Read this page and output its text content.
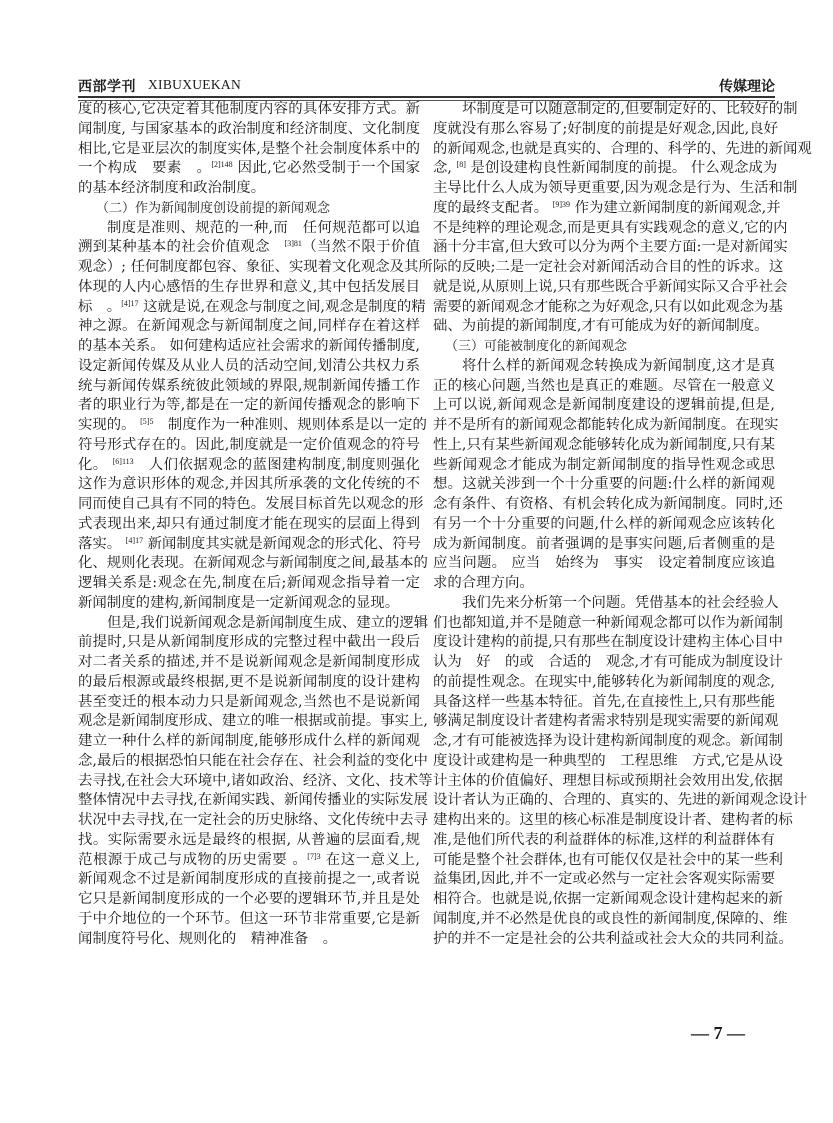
西部学刊 XIBUXUEKAN	传媒理论
度的核心,它决定着其他制度内容的具体安排方式。新
闻制度, 与国家基本的政治制度和经济制度、文化制度
相比,它是亚层次的制度实体,是整个社会制度体系中的
一个构成　要素　。$^{[2]148}$ 因此,它必然受制于一个国家
的基本经济制度和政治制度。
（二）作为新闻制度创设前提的新闻观念
制度是准则、规范的一种,而　任何规范都可以追
溯到某种基本的社会价值观念　$^{[3]81}$（当然不限于价值
观念）; 任何制度都包容、象征、实现着文化观念及其所
体现的人内心感悟的生存世界和意义,其中包括发展目
标　。$^{[4]17}$ 这就是说,在观念与制度之间,观念是制度的精
神之源。在新闻观念与新闻制度之间,同样存在着这样
的基本关系。 如何建构适应社会需求的新闻传播制度,
设定新闻传媒及从业人员的活动空间,划清公共权力系
统与新闻传媒系统彼此领域的界限,规制新闻传播工作
者的职业行为等,都是在一定的新闻传播观念的影响下
实现的。 $^{[5]5}$　制度作为一种准则、规则体系是以一定的
符号形式存在的。因此,制度就是一定价值观念的符号
化。 $^{[6]113}$　人们依据观念的蓝图建构制度,制度则强化
这作为意识形体的观念,并因其所承袭的文化传统的不
同而使自己具有不同的特色。发展目标首先以观念的形
式表现出来,却只有通过制度才能在现实的层面上得到
落实。 $^{[4]17}$ 新闻制度其实就是新闻观念的形式化、符号
化、规则化表现。在新闻观念与新闻制度之间,最基本的
逻辑关系是:观念在先,制度在后;新闻观念指导着一定
新闻制度的建构,新闻制度是一定新闻观念的显现。
但是,我们说新闻观念是新闻制度生成、建立的逻辑
前提时,只是从新闻制度形成的完整过程中截出一段后
对二者关系的描述,并不是说新闻观念是新闻制度形成
的最后根源或最终根据,更不是说新闻制度的设计建构
甚至变迁的根本动力只是新闻观念,当然也不是说新闻
观念是新闻制度形成、建立的唯一根据或前提。事实上,
建立一种什么样的新闻制度,能够形成什么样的新闻观
念,最后的根据恐怕只能在社会存在、社会利益的变化中
去寻找,在社会大环境中,诸如政治、经济、文化、技术等
整体情况中去寻找,在新闻实践、新闻传播业的实际发展
状况中去寻找,在一定社会的历史脉络、文化传统中去寻
找。实际需要永远是最终的根据, 从普遍的层面看,规
范根源于成己与成物的历史需要 。$^{[7]3}$ 在这一意义上,
新闻观念不过是新闻制度形成的直接前提之一,或者说
它只是新闻制度形成的一个必要的逻辑环节,并且是处
于中介地位的一个环节。但这一环节非常重要,它是新
闻制度符号化、规则化的　精神准备　。
坏制度是可以随意制定的,但要制定好的、比较好的制
度就没有那么容易了;好制度的前提是好观念,因此,良好
的新闻观念,也就是真实的、合理的、科学的、先进的新闻观
念, [8] 是创设建构良性新闻制度的前提。 什么观念成为
主导比什么人成为领导更重要,因为观念是行为、生活和制
度的最终支配者。 $^{[9]39}$ 作为建立新闻制度的新闻观念,并
不是纯粹的理论观念,而是更具有实践观念的意义,它的内
涵十分丰富,但大致可以分为两个主要方面:一是对新闻实
际的反映;二是一定社会对新闻活动合目的性的诉求。这
就是说,从原则上说,只有那些既合乎新闻实际又合乎社会
需要的新闻观念才能称之为好观念,只有以如此观念为基
础、为前提的新闻制度,才有可能成为好的新闻制度。
（三）可能被制度化的新闻观念
将什么样的新闻观念转换成为新闻制度,这才是真
正的核心问题,当然也是真正的难题。尽管在一般意义
上可以说,新闻观念是新闻制度建设的逻辑前提,但是,
并不是所有的新闻观念都能转化成为新闻制度。在现实
性上,只有某些新闻观念能够转化成为新闻制度,只有某
些新闻观念才能成为制定新闻制度的指导性观念或思
想。这就关涉到一个十分重要的问题:什么样的新闻观
念有条件、有资格、有机会转化成为新闻制度。同时,还
有另一个十分重要的问题,什么样的新闻观念应该转化
成为新闻制度。前者强调的是事实问题,后者侧重的是
应当问题。 应当　始终为　事实　设定着制度应该追
求的合理方向。
我们先来分析第一个问题。凭借基本的社会经验人
们也都知道,并不是随意一种新闻观念都可以作为新闻制
度设计建构的前提,只有那些在制度设计建构主体心目中
认为　好　的或　合适的　观念,才有可能成为制度设计
的前提性观念。在现实中,能够转化为新闻制度的观念,
具备这样一些基本特征。首先,在直接性上,只有那些能
够满足制度设计者建构者需求特别是现实需要的新闻观
念,才有可能被选择为设计建构新闻制度的观念。新闻制
度设计或建构是一种典型的　工程思维　方式,它是从设
计主体的价值偏好、理想目标或预期社会效用出发,依据
设计者认为正确的、合理的、真实的、先进的新闻观念设计
建构出来的。这里的核心标准是制度设计者、建构者的标
准,是他们所代表的利益群体的标准,这样的利益群体有
可能是整个社会群体,也有可能仅仅是社会中的某一些利
益集团,因此,并不一定或必然与一定社会客观实际需要
相符合。也就是说,依据一定新闻观念设计建构起来的新
闻制度,并不必然是优良的或良性的新闻制度,保障的、维
护的并不一定是社会的公共利益或社会大众的共同利益。
— 7 —
